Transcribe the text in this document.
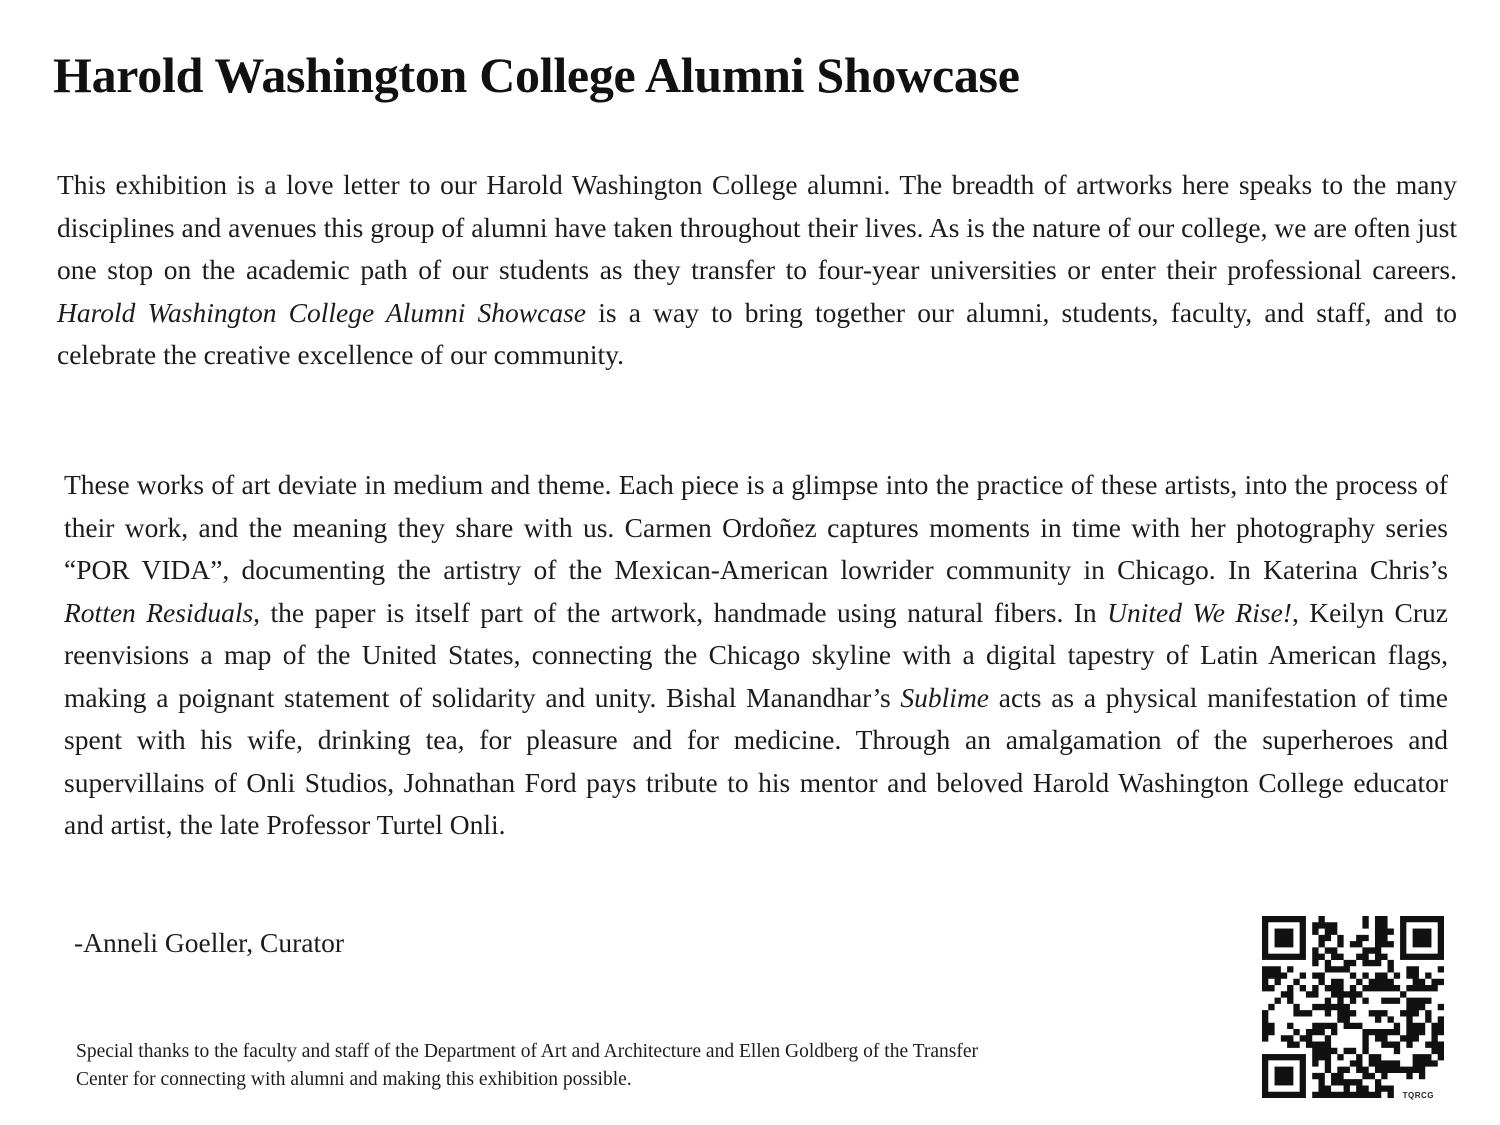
Harold Washington College Alumni Showcase

This exhibition is a love letter to our Harold Washington College alumni. The breadth of artworks here speaks to the many disciplines and avenues this group of alumni have taken throughout their lives. As is the nature of our college, we are often just one stop on the academic path of our students as they transfer to four-year universities or enter their professional careers. Harold Washington College Alumni Showcase is a way to bring together our alumni, students, faculty, and staff, and to celebrate the creative excellence of our community.

These works of art deviate in medium and theme. Each piece is a glimpse into the practice of these artists, into the process of their work, and the meaning they share with us. Carmen Ordoñez captures moments in time with her photography series “POR VIDA”, documenting the artistry of the Mexican-American lowrider community in Chicago. In Katerina Chris’s Rotten Residuals, the paper is itself part of the artwork, handmade using natural fibers. In United We Rise!, Keilyn Cruz reenvisions a map of the United States, connecting the Chicago skyline with a digital tapestry of Latin American flags, making a poignant statement of solidarity and unity. Bishal Manandhar’s Sublime acts as a physical manifestation of time spent with his wife, drinking tea, for pleasure and for medicine. Through an amalgamation of the superheroes and supervillains of Onli Studios, Johnathan Ford pays tribute to his mentor and beloved Harold Washington College educator and artist, the late Professor Turtel Onli.

-Anneli Goeller, Curator

Special thanks to the faculty and staff of the Department of Art and Architecture and Ellen Goldberg of the Transfer Center for connecting with alumni and making this exhibition possible.

TQRCG
